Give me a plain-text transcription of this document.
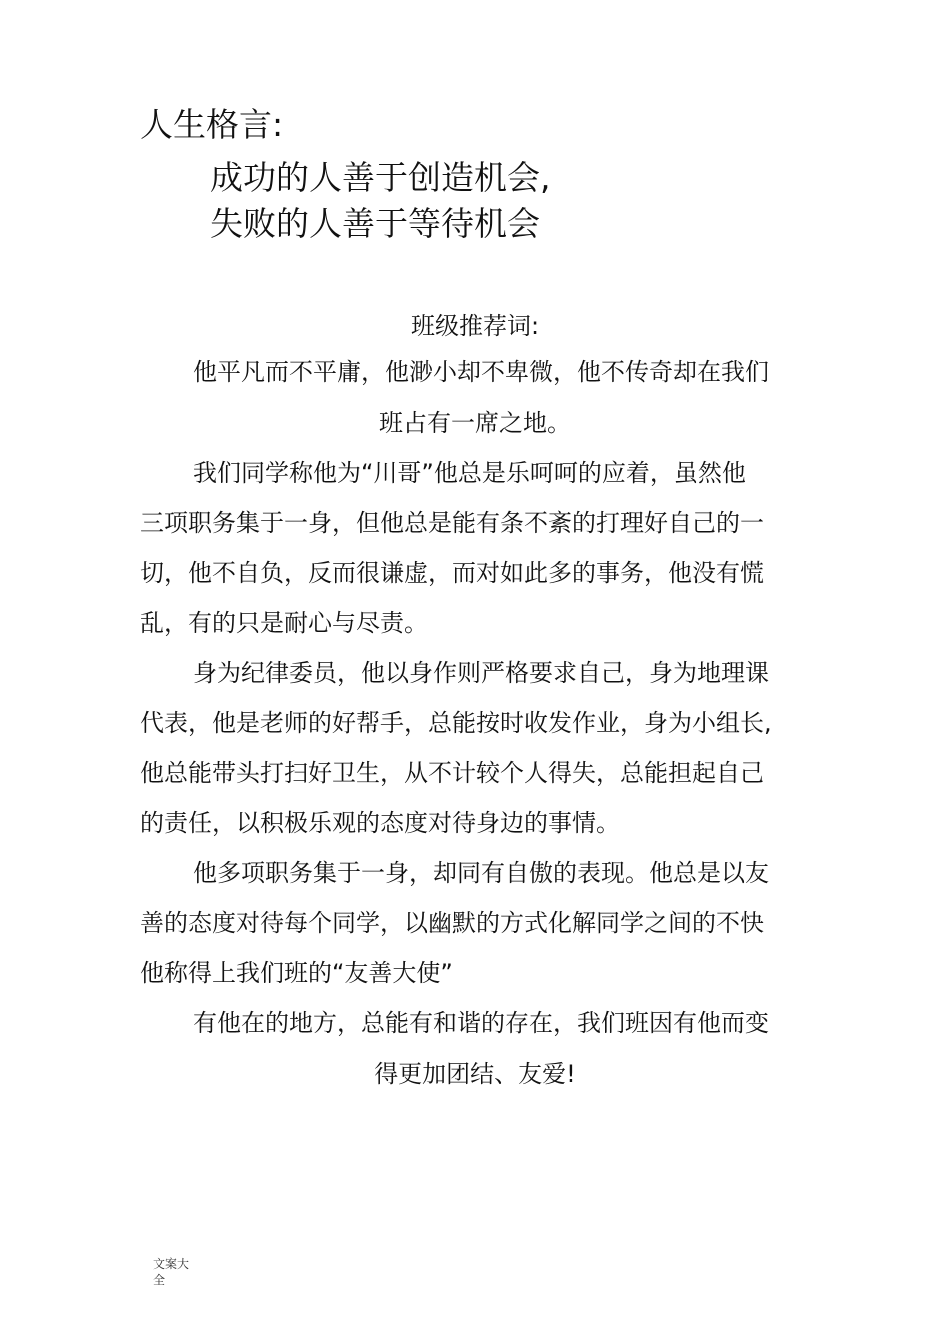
人生格言:
成功的人善于创造机会,
失败的人善于等待机会
班级推荐词:
他平凡而不平庸，他渺小却不卑微，他不传奇却在我们
班占有一席之地。
我们同学称他为“川哥”他总是乐呵呵的应着，虽然他
三项职务集于一身，但他总是能有条不紊的打理好自己的一
切，他不自负，反而很谦虚，而对如此多的事务，他没有慌
乱，有的只是耐心与尽责。
身为纪律委员，他以身作则严格要求自己，身为地理课
代表，他是老师的好帮手，总能按时收发作业，身为小组长,
他总能带头打扫好卫生，从不计较个人得失，总能担起自己
的责任，以积极乐观的态度对待身边的事情。
他多项职务集于一身，却同有自傲的表现。他总是以友
善的态度对待每个同学，以幽默的方式化解同学之间的不快
他称得上我们班的“友善大使”
有他在的地方，总能有和谐的存在，我们班因有他而变
得更加团结、友爱!
文案大全
